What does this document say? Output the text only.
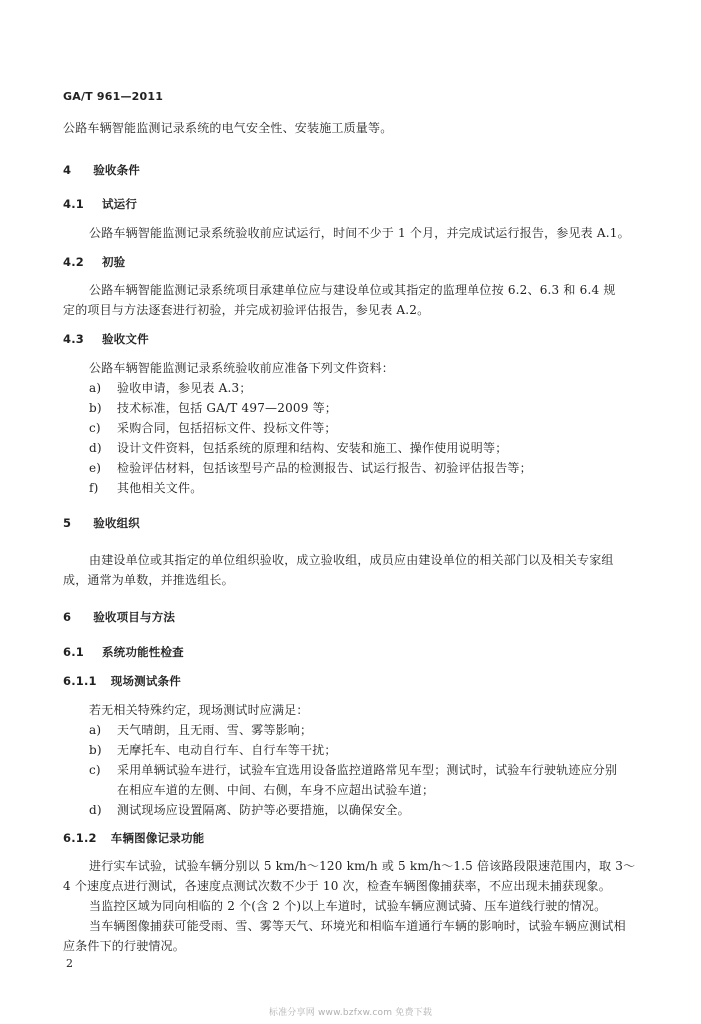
GA/T 961—2011
公路车辆智能监测记录系统的电气安全性、安装施工质量等。
4 验收条件
4.1 试运行
公路车辆智能监测记录系统验收前应试运行，时间不少于 1 个月，并完成试运行报告，参见表 A.1。
4.2 初验
公路车辆智能监测记录系统项目承建单位应与建设单位或其指定的监理单位按 6.2、6.3 和 6.4 规
定的项目与方法逐套进行初验，并完成初验评估报告，参见表 A.2。
4.3 验收文件
公路车辆智能监测记录系统验收前应准备下列文件资料：
a) 验收申请，参见表 A.3；
b) 技术标准，包括 GA/T 497—2009 等；
c) 采购合同，包括招标文件、投标文件等；
d) 设计文件资料，包括系统的原理和结构、安装和施工、操作使用说明等；
e) 检验评估材料，包括该型号产品的检测报告、试运行报告、初验评估报告等；
f) 其他相关文件。
5 验收组织
由建设单位或其指定的单位组织验收，成立验收组，成员应由建设单位的相关部门以及相关专家组
成，通常为单数，并推选组长。
6 验收项目与方法
6.1 系统功能性检查
6.1.1 现场测试条件
若无相关特殊约定，现场测试时应满足：
a) 天气晴朗，且无雨、雪、雾等影响；
b) 无摩托车、电动自行车、自行车等干扰；
c) 采用单辆试验车进行，试验车宜选用设备监控道路常见车型；测试时，试验车行驶轨迹应分别
在相应车道的左侧、中间、右侧，车身不应超出试验车道；
d) 测试现场应设置隔离、防护等必要措施，以确保安全。
6.1.2 车辆图像记录功能
进行实车试验，试验车辆分别以 5 km/h～120 km/h 或 5 km/h～1.5 倍该路段限速范围内，取 3～
4 个速度点进行测试，各速度点测试次数不少于 10 次，检查车辆图像捕获率，不应出现未捕获现象。
当监控区域为同向相临的 2 个(含 2 个)以上车道时，试验车辆应测试骑、压车道线行驶的情况。
当车辆图像捕获可能受雨、雪、雾等天气、环境光和相临车道通行车辆的影响时，试验车辆应测试相
应条件下的行驶情况。
2
标准分享网 www.bzfxw.com 免费下载
